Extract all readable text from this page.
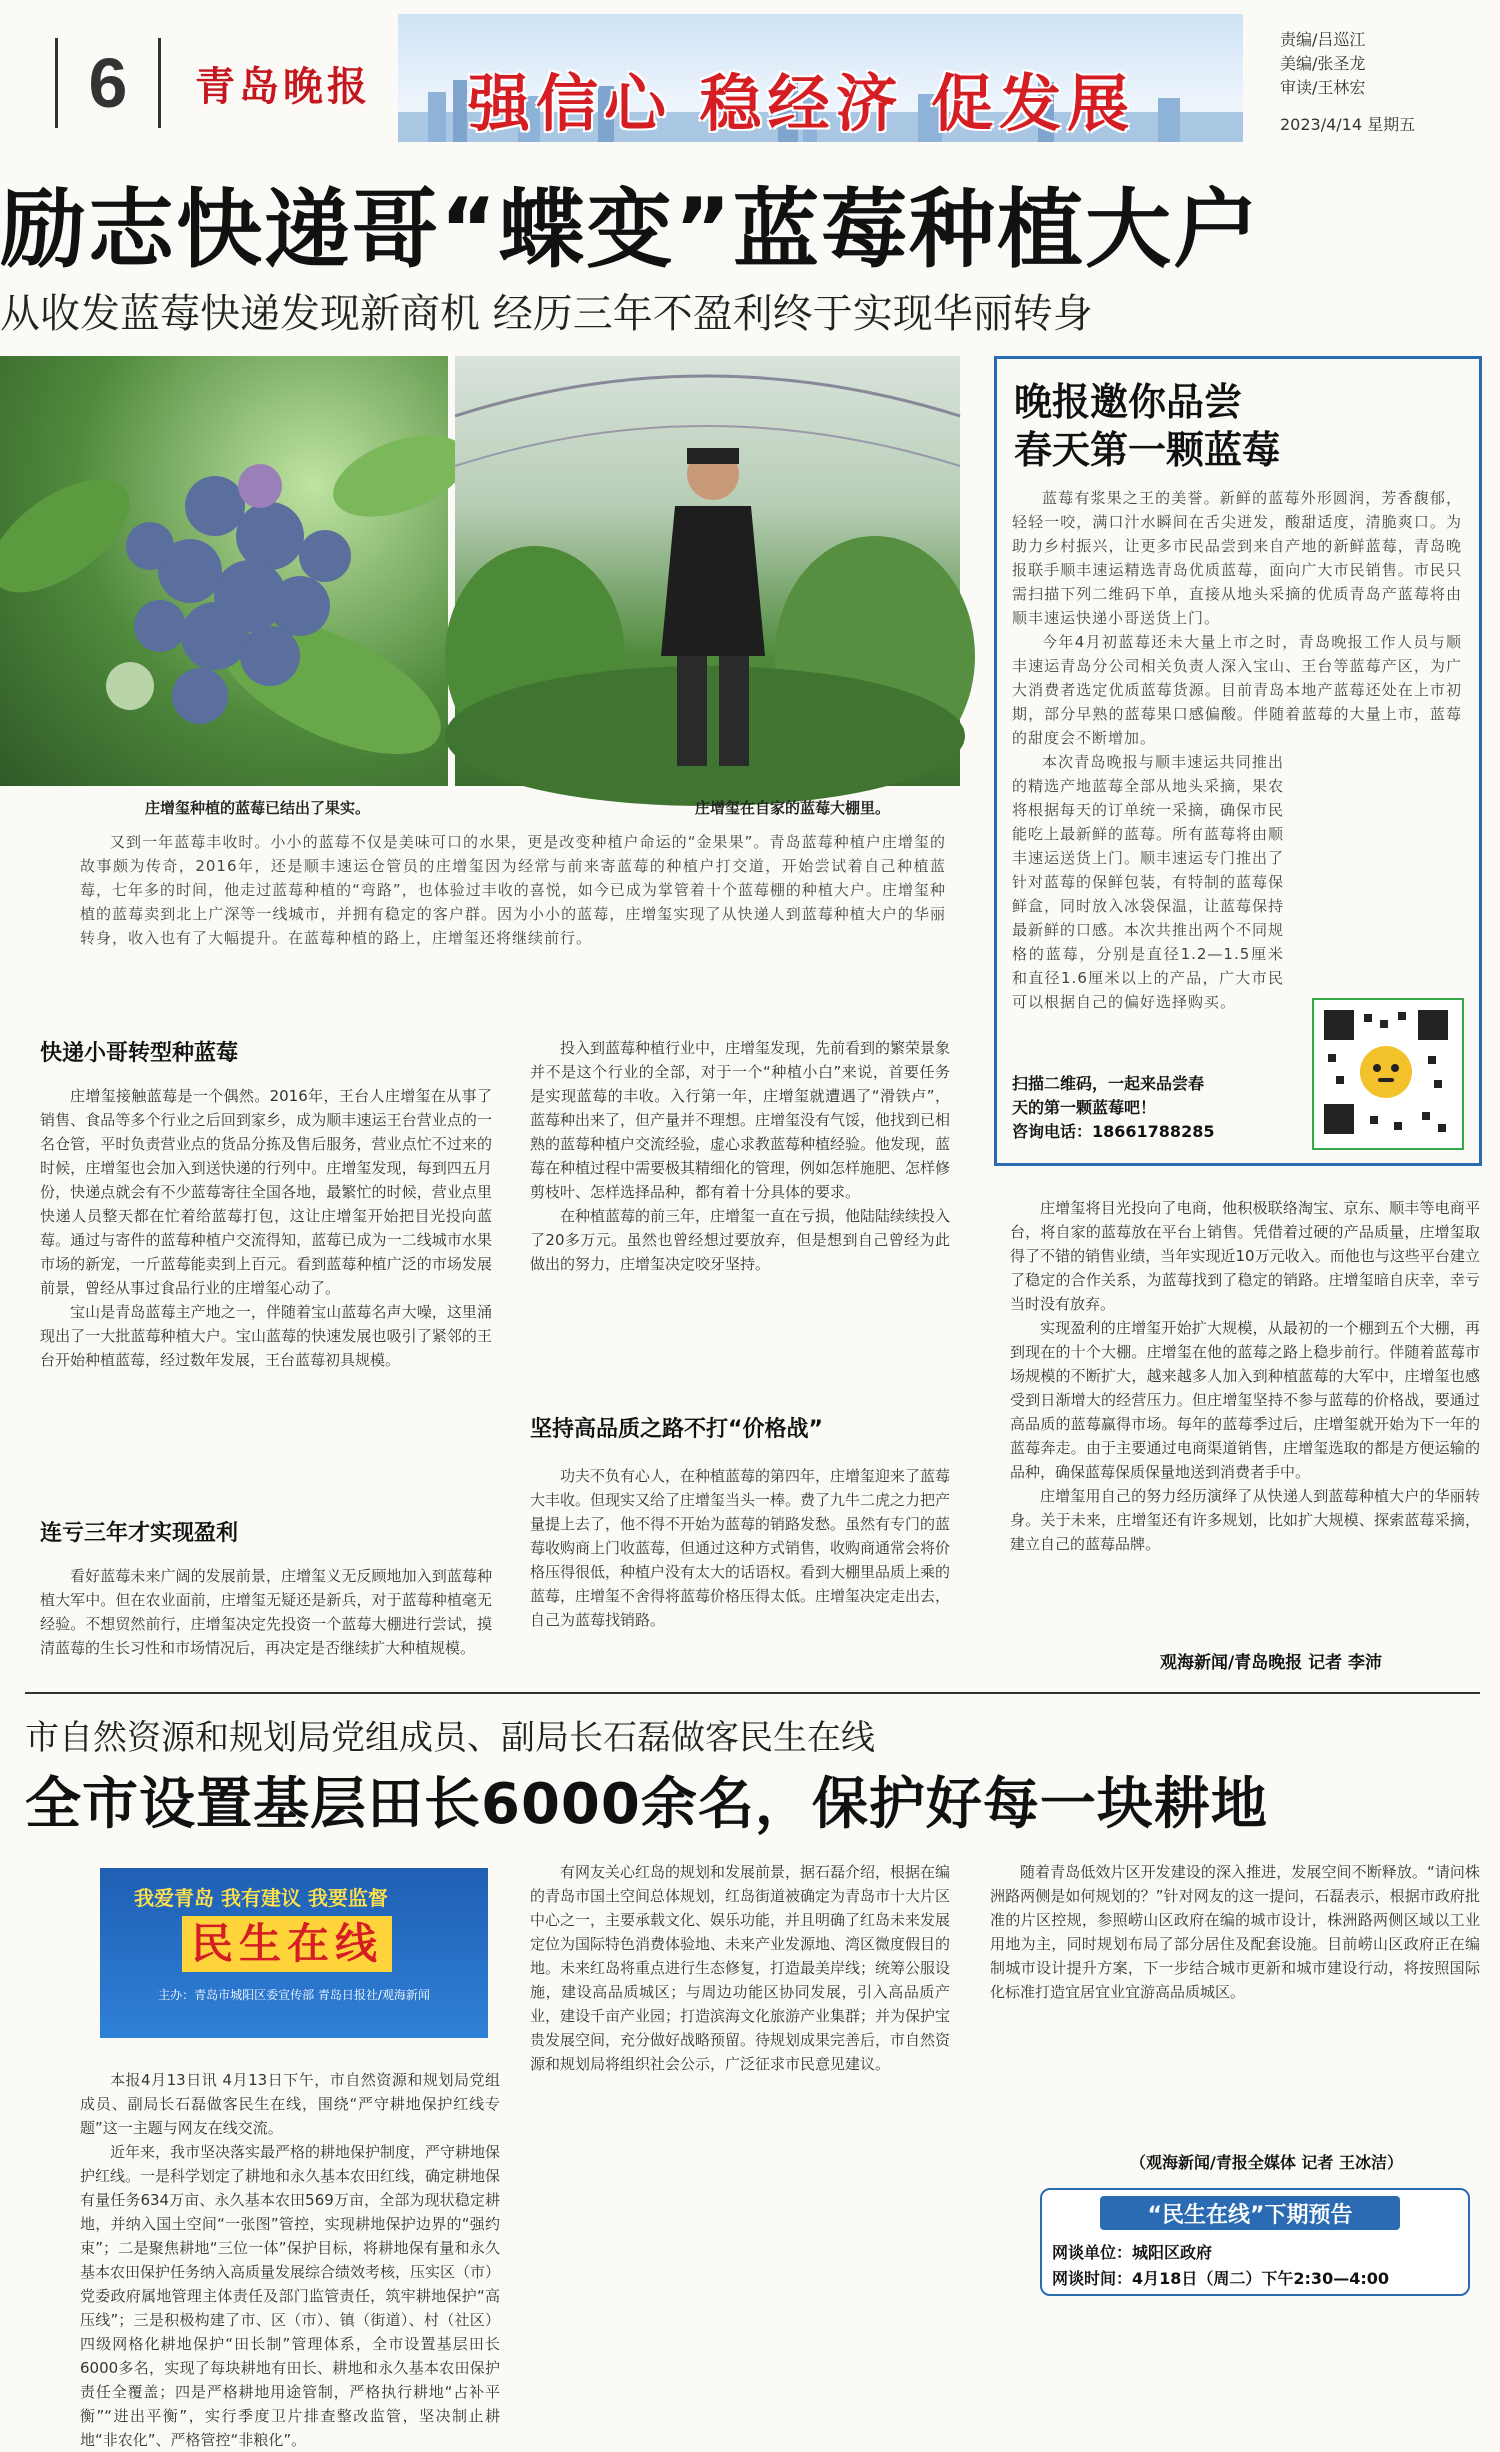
6	青岛晚报 强信心 稳经济 促发展
责编/吕巡江
美编/张圣龙
审读/王林宏
2023/4/14 星期五
励志快递哥“蝶变”蓝莓种植大户
从收发蓝莓快递发现新商机 经历三年不盈利终于实现华丽转身
庄增玺种植的蓝莓已结出了果实。	庄增玺在自家的蓝莓大棚里。
又到一年蓝莓丰收时。小小的蓝莓不仅是美味可口的水果，更是改变种植户命运的“金果果”。青岛蓝莓种植户庄增玺的故事颇为传奇，2016年，还是顺丰速运仓管员的庄增玺因为经常与前来寄蓝莓的种植户打交道，开始尝试着自己种植蓝莓，七年多的时间，他走过蓝莓种植的“弯路”，也体验过丰收的喜悦，如今已成为掌管着十个蓝莓棚的种植大户。庄增玺种植的蓝莓卖到北上广深等一线城市，并拥有稳定的客户群。因为小小的蓝莓，庄增玺实现了从快递人到蓝莓种植大户的华丽转身，收入也有了大幅提升。在蓝莓种植的路上，庄增玺还将继续前行。
快递小哥转型种蓝莓

庄增玺接触蓝莓是一个偶然。2016年，王台人庄增玺在从事了销售、食品等多个行业之后回到家乡，成为顺丰速运王台营业点的一名仓管，平时负责营业点的货品分拣及售后服务，营业点忙不过来的时候，庄增玺也会加入到送快递的行列中。庄增玺发现，每到四五月份，快递点就会有不少蓝莓寄往全国各地，最繁忙的时候，营业点里快递人员整天都在忙着给蓝莓打包，这让庄增玺开始把目光投向蓝莓。通过与寄件的蓝莓种植户交流得知，蓝莓已成为一二线城市水果市场的新宠，一斤蓝莓能卖到上百元。看到蓝莓种植广泛的市场发展前景，曾经从事过食品行业的庄增玺心动了。

宝山是青岛蓝莓主产地之一，伴随着宝山蓝莓名声大噪，这里涌现出了一大批蓝莓种植大户。宝山蓝莓的快速发展也吸引了紧邻的王台开始种植蓝莓，经过数年发展，王台蓝莓初具规模。

连亏三年才实现盈利

看好蓝莓未来广阔的发展前景，庄增玺义无反顾地加入到蓝莓种植大军中。但在农业面前，庄增玺无疑还是新兵，对于蓝莓种植毫无经验。不想贸然前行，庄增玺决定先投资一个蓝莓大棚进行尝试，摸清蓝莓的生长习性和市场情况后，再决定是否继续扩大种植规模。

投入到蓝莓种植行业中，庄增玺发现，先前看到的繁荣景象并不是这个行业的全部，对于一个“种植小白”来说，首要任务是实现蓝莓的丰收。入行第一年，庄增玺就遭遇了“滑铁卢”，蓝莓种出来了，但产量并不理想。庄增玺没有气馁，他找到已相熟的蓝莓种植户交流经验，虚心求教蓝莓种植经验。他发现，蓝莓在种植过程中需要极其精细化的管理，例如怎样施肥、怎样修剪枝叶、怎样选择品种，都有着十分具体的要求。

在种植蓝莓的前三年，庄增玺一直在亏损，他陆陆续续投入了20多万元。虽然也曾经想过要放弃，但是想到自己曾经为此做出的努力，庄增玺决定咬牙坚持。

坚持高品质之路不打“价格战”

功夫不负有心人，在种植蓝莓的第四年，庄增玺迎来了蓝莓大丰收。但现实又给了庄增玺当头一棒。费了九牛二虎之力把产量提上去了，他不得不开始为蓝莓的销路发愁。虽然有专门的蓝莓收购商上门收蓝莓，但通过这种方式销售，收购商通常会将价格压得很低，种植户没有太大的话语权。看到大棚里品质上乘的蓝莓，庄增玺不舍得将蓝莓价格压得太低。庄增玺决定走出去，自己为蓝莓找销路。

晚报邀你品尝
春天第一颗蓝莓

蓝莓有浆果之王的美誉。新鲜的蓝莓外形圆润，芳香馥郁，轻轻一咬，满口汁水瞬间在舌尖迸发，酸甜适度，清脆爽口。为助力乡村振兴，让更多市民品尝到来自产地的新鲜蓝莓，青岛晚报联手顺丰速运精选青岛优质蓝莓，面向广大市民销售。市民只需扫描下列二维码下单，直接从地头采摘的优质青岛产蓝莓将由顺丰速运快递小哥送货上门。

今年4月初蓝莓还未大量上市之时，青岛晚报工作人员与顺丰速运青岛分公司相关负责人深入宝山、王台等蓝莓产区，为广大消费者选定优质蓝莓货源。目前青岛本地产蓝莓还处在上市初期，部分早熟的蓝莓果口感偏酸。伴随着蓝莓的大量上市，蓝莓的甜度会不断增加。

本次青岛晚报与顺丰速运共同推出的精选产地蓝莓全部从地头采摘，果农将根据每天的订单统一采摘，确保市民能吃上最新鲜的蓝莓。所有蓝莓将由顺丰速运送货上门。顺丰速运专门推出了针对蓝莓的保鲜包装，有特制的蓝莓保鲜盒，同时放入冰袋保温，让蓝莓保持最新鲜的口感。本次共推出两个不同规格的蓝莓，分别是直径1.2—1.5厘米和直径1.6厘米以上的产品，广大市民可以根据自己的偏好选择购买。

扫描二维码，一起来品尝春
天的第一颗蓝莓吧！
咨询电话：18661788285

庄增玺将目光投向了电商，他积极联络淘宝、京东、顺丰等电商平台，将自家的蓝莓放在平台上销售。凭借着过硬的产品质量，庄增玺取得了不错的销售业绩，当年实现近10万元收入。而他也与这些平台建立了稳定的合作关系，为蓝莓找到了稳定的销路。庄增玺暗自庆幸，幸亏当时没有放弃。

实现盈利的庄增玺开始扩大规模，从最初的一个棚到五个大棚，再到现在的十个大棚。庄增玺在他的蓝莓之路上稳步前行。伴随着蓝莓市场规模的不断扩大，越来越多人加入到种植蓝莓的大军中，庄增玺也感受到日渐增大的经营压力。但庄增玺坚持不参与蓝莓的价格战，要通过高品质的蓝莓赢得市场。每年的蓝莓季过后，庄增玺就开始为下一年的蓝莓奔走。由于主要通过电商渠道销售，庄增玺选取的都是方便运输的品种，确保蓝莓保质保量地送到消费者手中。

庄增玺用自己的努力经历演绎了从快递人到蓝莓种植大户的华丽转身。关于未来，庄增玺还有许多规划，比如扩大规模、探索蓝莓采摘，建立自己的蓝莓品牌。

观海新闻/青岛晚报 记者 李沛
市自然资源和规划局党组成员、副局长石磊做客民生在线
全市设置基层田长6000余名，保护好每一块耕地
我爱青岛 我有建议 我要监督
民生在线
主办：青岛市城阳区委宣传部 青岛日报社/观海新闻

本报4月13日讯 4月13日下午，市自然资源和规划局党组成员、副局长石磊做客民生在线，围绕“严守耕地保护红线专题”这一主题与网友在线交流。

近年来，我市坚决落实最严格的耕地保护制度，严守耕地保护红线。一是科学划定了耕地和永久基本农田红线，确定耕地保有量任务634万亩、永久基本农田569万亩，全部为现状稳定耕地，并纳入国土空间“一张图”管控，实现耕地保护边界的“强约束”；二是聚焦耕地“三位一体”保护目标，将耕地保有量和永久基本农田保护任务纳入高质量发展综合绩效考核，压实区（市）党委政府属地管理主体责任及部门监管责任，筑牢耕地保护“高压线”；三是积极构建了市、区（市）、镇（街道）、村（社区）四级网格化耕地保护“田长制”管理体系，全市设置基层田长6000多名，实现了每块耕地有田长、耕地和永久基本农田保护责任全覆盖；四是严格耕地用途管制，严格执行耕地“占补平衡”“进出平衡”，实行季度卫片排查整改监管，坚决制止耕地“非农化”、严格管控“非粮化”。

有网友关心红岛的规划和发展前景，据石磊介绍，根据在编的青岛市国土空间总体规划，红岛街道被确定为青岛市十大片区中心之一，主要承载文化、娱乐功能，并且明确了红岛未来发展定位为国际特色消费体验地、未来产业发源地、湾区微度假目的地。未来红岛将重点进行生态修复，打造最美岸线；统筹公服设施，建设高品质城区；与周边功能区协同发展，引入高品质产业，建设千亩产业园；打造滨海文化旅游产业集群；并为保护宝贵发展空间，充分做好战略预留。待规划成果完善后，市自然资源和规划局将组织社会公示，广泛征求市民意见建议。

随着青岛低效片区开发建设的深入推进，发展空间不断释放。“请问株洲路两侧是如何规划的？”针对网友的这一提问，石磊表示，根据市政府批准的片区控规，参照崂山区政府在编的城市设计，株洲路两侧区域以工业用地为主，同时规划布局了部分居住及配套设施。目前崂山区政府正在编制城市设计提升方案，下一步结合城市更新和城市建设行动，将按照国际化标准打造宜居宜业宜游高品质城区。

（观海新闻/青报全媒体 记者 王冰洁）
“民生在线”下期预告
网谈单位：城阳区政府
网谈时间：4月18日（周二）下午2:30—4:00
